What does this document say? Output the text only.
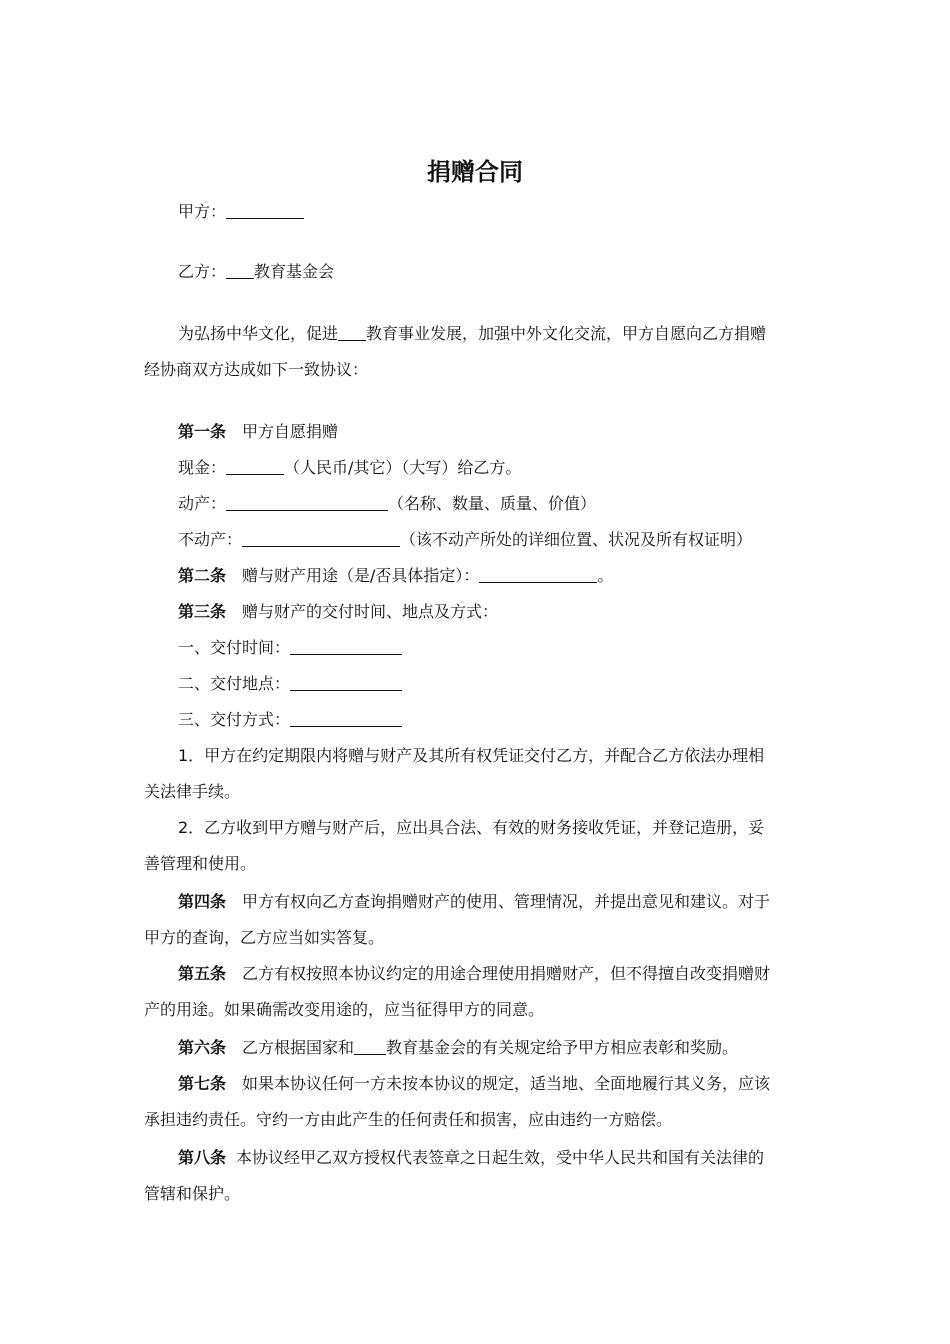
捐赠合同
甲方：
乙方： 教育基金会
为弘扬中华文化，促进 教育事业发展，加强中外文化交流，甲方自愿向乙方捐赠
经协商双方达成如下一致协议：
第一条 甲方自愿捐赠
现金：	（人民币/其它）（大写）给乙方。
动产：	（名称、数量、质量、价值）
不动产：	（该不动产所处的详细位置、状况及所有权证明）
第二条 赠与财产用途（是/否具体指定）：	。
第三条 赠与财产的交付时间、地点及方式：
一、交付时间：
二、交付地点：
三、交付方式：
1．甲方在约定期限内将赠与财产及其所有权凭证交付乙方，并配合乙方依法办理相
关法律手续。
2．乙方收到甲方赠与财产后，应出具合法、有效的财务接收凭证，并登记造册，妥
善管理和使用。
第四条 甲方有权向乙方查询捐赠财产的使用、管理情况，并提出意见和建议。对于
甲方的查询，乙方应当如实答复。
第五条 乙方有权按照本协议约定的用途合理使用捐赠财产，但不得擅自改变捐赠财
产的用途。如果确需改变用途的，应当征得甲方的同意。
第六条 乙方根据国家和 教育基金会的有关规定给予甲方相应表彰和奖励。
第七条 如果本协议任何一方未按本协议的规定，适当地、全面地履行其义务，应该
承担违约责任。守约一方由此产生的任何责任和损害，应由违约一方赔偿。
第八条 本协议经甲乙双方授权代表签章之日起生效，受中华人民共和国有关法律的
管辖和保护。
